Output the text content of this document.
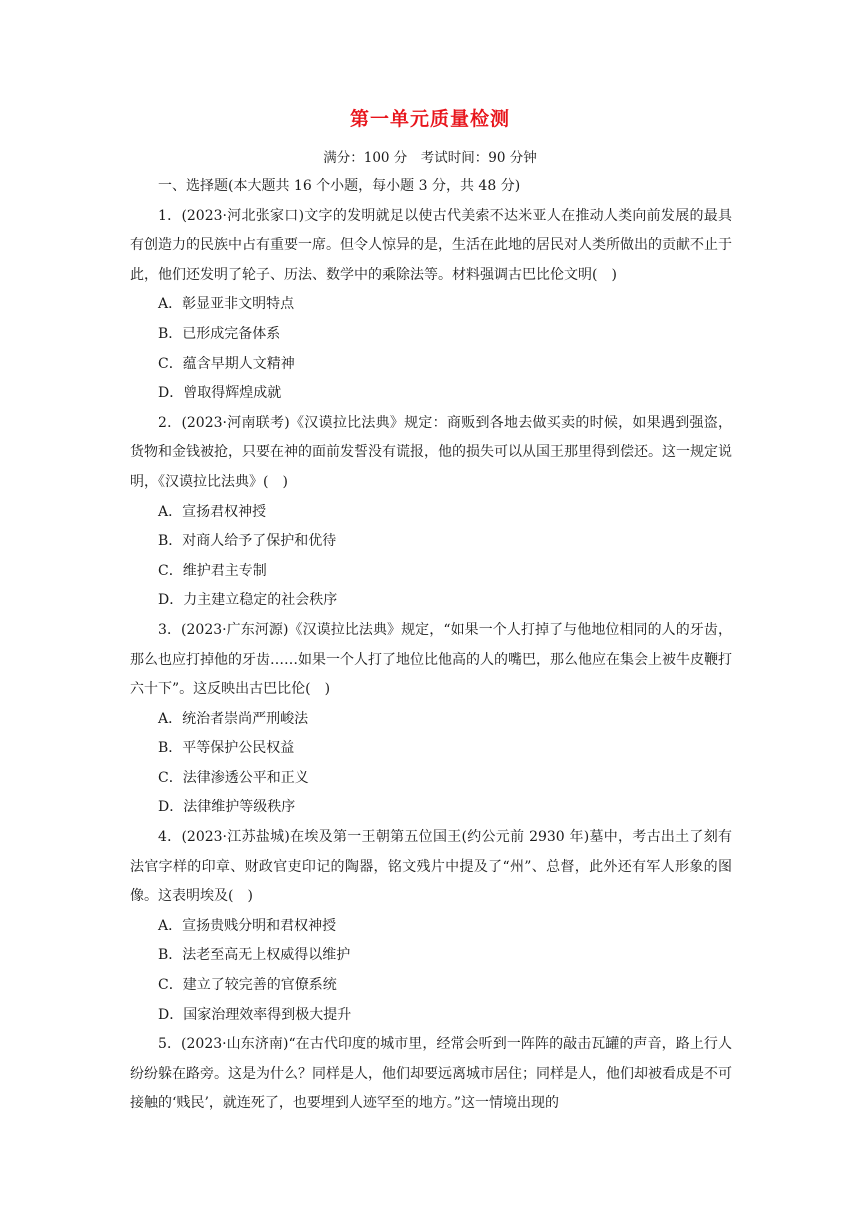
第一单元质量检测
满分：100 分　考试时间：90 分钟

一、选择题(本大题共 16 个小题，每小题 3 分，共 48 分)

1．(2023·河北张家口)文字的发明就足以使古代美索不达米亚人在推动人类向前发展的最具有创造力的民族中占有重要一席。但令人惊异的是，生活在此地的居民对人类所做出的贡献不止于此，他们还发明了轮子、历法、数学中的乘除法等。材料强调古巴比伦文明(　)

A．彰显亚非文明特点

B．已形成完备体系

C．蕴含早期人文精神

D．曾取得辉煌成就

2．(2023·河南联考)《汉谟拉比法典》规定：商贩到各地去做买卖的时候，如果遇到强盗，货物和金钱被抢，只要在神的面前发誓没有谎报，他的损失可以从国王那里得到偿还。这一规定说明，《汉谟拉比法典》(　)

A．宣扬君权神授

B．对商人给予了保护和优待

C．维护君主专制

D．力主建立稳定的社会秩序

3．(2023·广东河源)《汉谟拉比法典》规定，“如果一个人打掉了与他地位相同的人的牙齿，那么也应打掉他的牙齿……如果一个人打了地位比他高的人的嘴巴，那么他应在集会上被牛皮鞭打六十下”。这反映出古巴比伦(　)

A．统治者崇尚严刑峻法

B．平等保护公民权益

C．法律渗透公平和正义

D．法律维护等级秩序

4．(2023·江苏盐城)在埃及第一王朝第五位国王(约公元前 2930 年)墓中，考古出土了刻有法官字样的印章、财政官吏印记的陶器，铭文残片中提及了“州”、总督，此外还有军人形象的图像。这表明埃及(　)

A．宣扬贵贱分明和君权神授

B．法老至高无上权威得以维护

C．建立了较完善的官僚系统

D．国家治理效率得到极大提升

5．(2023·山东济南)“在古代印度的城市里，经常会听到一阵阵的敲击瓦罐的声音，路上行人纷纷躲在路旁。这是为什么？同样是人，他们却要远离城市居住；同样是人，他们却被看成是不可接触的‘贱民’，就连死了，也要埋到人迹罕至的地方。”这一情境出现的
